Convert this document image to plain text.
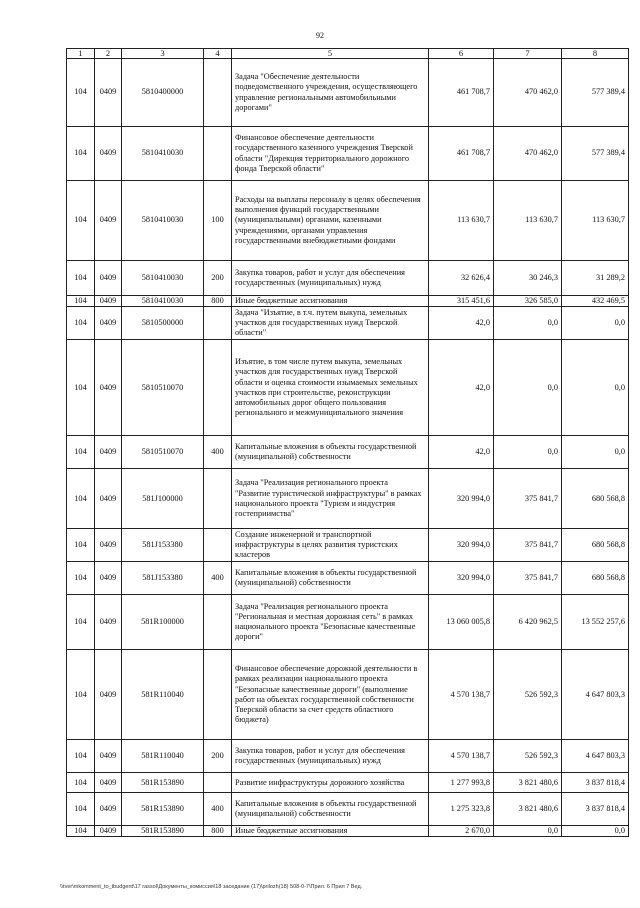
92
1	2	3	4	5	6	7	8
104	0409	5810400000		Задача "Обеспечение деятельности подведомственного учреждения, осуществляющего управление региональными автомобильными дорогами"	461 708,7	470 462,0	577 389,4
104	0409	5810410030		Финансовое обеспечение деятельности государственного казенного учреждения Тверской области "Дирекция территориального дорожного фонда Тверской области"	461 708,7	470 462,0	577 389,4
104	0409	5810410030	100	Расходы на выплаты персоналу в целях обеспечения выполнения функций государственными (муниципальными) органами, казенными учреждениями, органами управления государственными внебюджетными фондами	113 630,7	113 630,7	113 630,7
104	0409	5810410030	200	Закупка товаров, работ и услуг для обеспечения государственных (муниципальных) нужд	32 626,4	30 246,3	31 289,2
104	0409	5810410030	800	Иные бюджетные ассигнования	315 451,6	326 585,0	432 469,5
104	0409	5810500000		Задача "Изъятие, в т.ч. путем выкупа, земельных участков для государственных нужд Тверской области"	42,0	0,0	0,0
104	0409	5810510070		Изъятие, в том числе путем выкупа, земельных участков для государственных нужд Тверской области и оценка стоимости изымаемых земельных участков при строительстве, реконструкции автомобильных дорог общего пользования регионального и межмуниципального значения	42,0	0,0	0,0
104	0409	5810510070	400	Капитальные вложения в объекты государственной (муниципальной) собственности	42,0	0,0	0,0
104	0409	581J100000		Задача "Реализация регионального проекта "Развитие туристической инфраструктуры" в рамках национального проекта "Туризм и индустрия гостеприимства"	320 994,0	375 841,7	680 568,8
104	0409	581J153380		Создание инженерной и транспортной инфраструктуры в целях развития туристских кластеров	320 994,0	375 841,7	680 568,8
104	0409	581J153380	400	Капитальные вложения в объекты государственной (муниципальной) собственности	320 994,0	375 841,7	680 568,8
104	0409	581R100000		Задача "Реализация регионального проекта "Региональная и местная дорожная сеть" в рамках национального проекта "Безопасные качественные дороги"	13 060 005,8	6 420 962,5	13 552 257,6
104	0409	581R110040		Финансовое обеспечение дорожной деятельности в рамках реализации национального проекта "Безопасные качественные дороги" (выполнение работ на объектах государственной собственности Тверской области за счет средств областного бюджета)	4 570 138,7	526 592,3	4 647 803,3
104	0409	581R110040	200	Закупка товаров, работ и услуг для обеспечения государственных (муниципальных) нужд	4 570 138,7	526 592,3	4 647 803,3
104	0409	581R153890		Развитие инфраструктуры дорожного хозяйства	1 277 993,8	3 821 480,6	3 837 818,4
104	0409	581R153890	400	Капитальные вложения в объекты государственной (муниципальной) собственности	1 275 323,8	3 821 480,6	3 837 818,4
104	0409	581R153890	800	Иные бюджетные ассигнования	2 670,0	0,0	0,0
\\tver\mkomment_to_tbudgent\17 rassol\Документы_комиссия\18 заседание (17)\prilozh(18) 508-0-7\Прил. 6 Прил 7 Вед.
